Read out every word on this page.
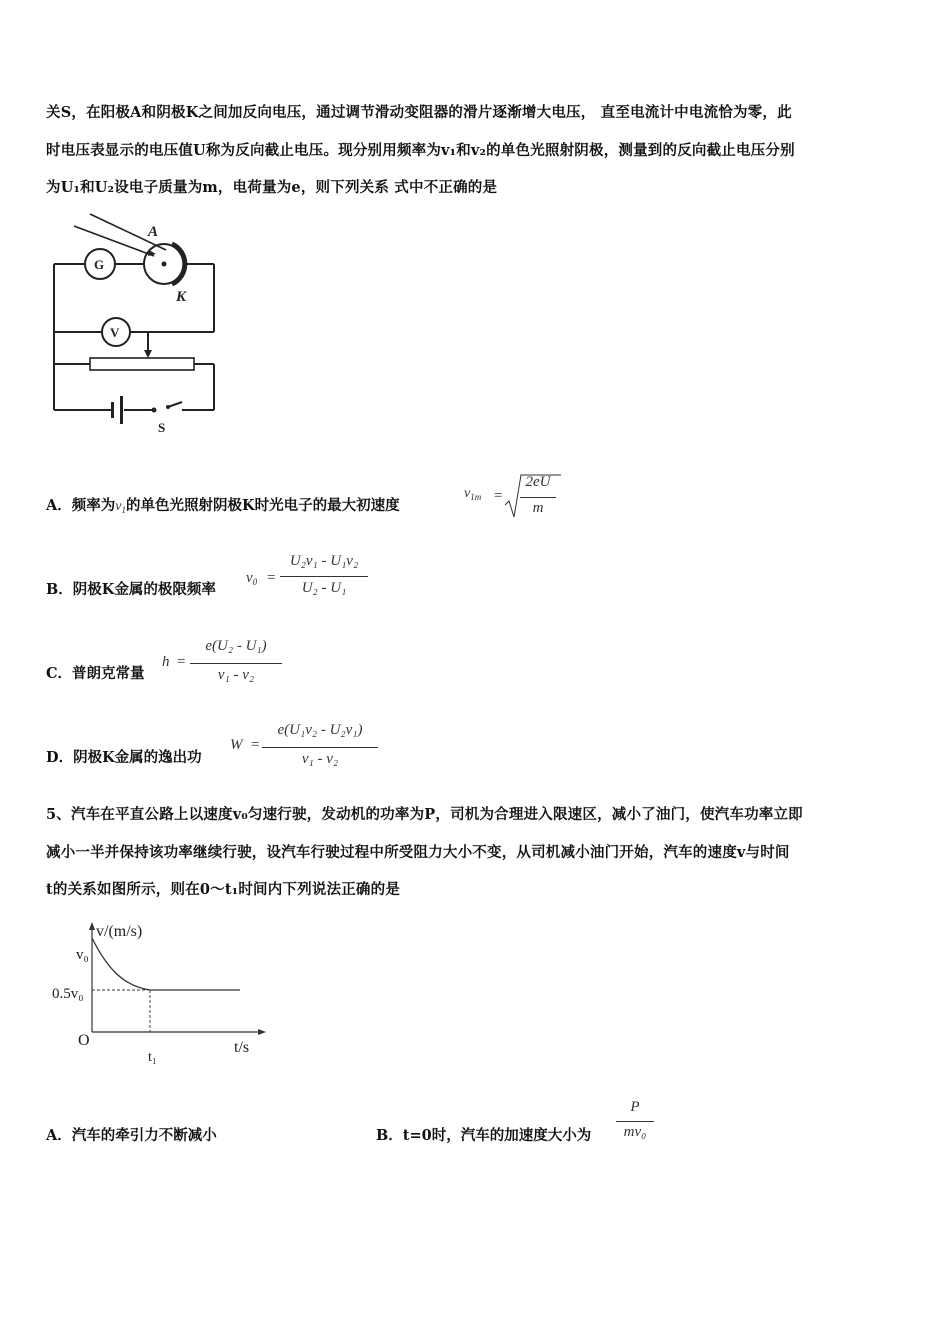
关S，在阳极A和阴极K之间加反向电压，通过调节滑动变阻器的滑片逐渐增大电压， 直至电流计中电流恰为零，此

时电压表显示的电压值U称为反向截止电压。现分别用频率为v₁和v₂的单色光照射阴极，测量到的反向截止电压分别

为U₁和U₂设电子质量为m，电荷量为e，则下列关系 式中不正确的是

A
K
G
V
S
A．频率为$v_1$的单色光照射阴极K时光电子的最大初速度
$v_{1m}$ =
2eU
m
B．阴极K金属的极限频率
$v_0$ =
U₂v₁ - U₁v₂
U₂ - U₁
C．普朗克常量
h =
e(U₂ - U₁)
v₁ - v₂
D．阴极K金属的逸出功
W =
e(U₁v₂ - U₂v₁)
v₁ - v₂

5、汽车在平直公路上以速度v₀匀速行驶，发动机的功率为P，司机为合理进入限速区，减小了油门，使汽车功率立即

减小一半并保持该功率继续行驶，设汽车行驶过程中所受阻力大小不变，从司机减小油门开始，汽车的速度v与时间

t的关系如图所示，则在0～t₁时间内下列说法正确的是

v/(m/s)
v₀
0.5v₀
O	t/s
t₁
A．汽车的牵引力不断减小	B．t=0时，汽车的加速度大小为
P
mv₀
